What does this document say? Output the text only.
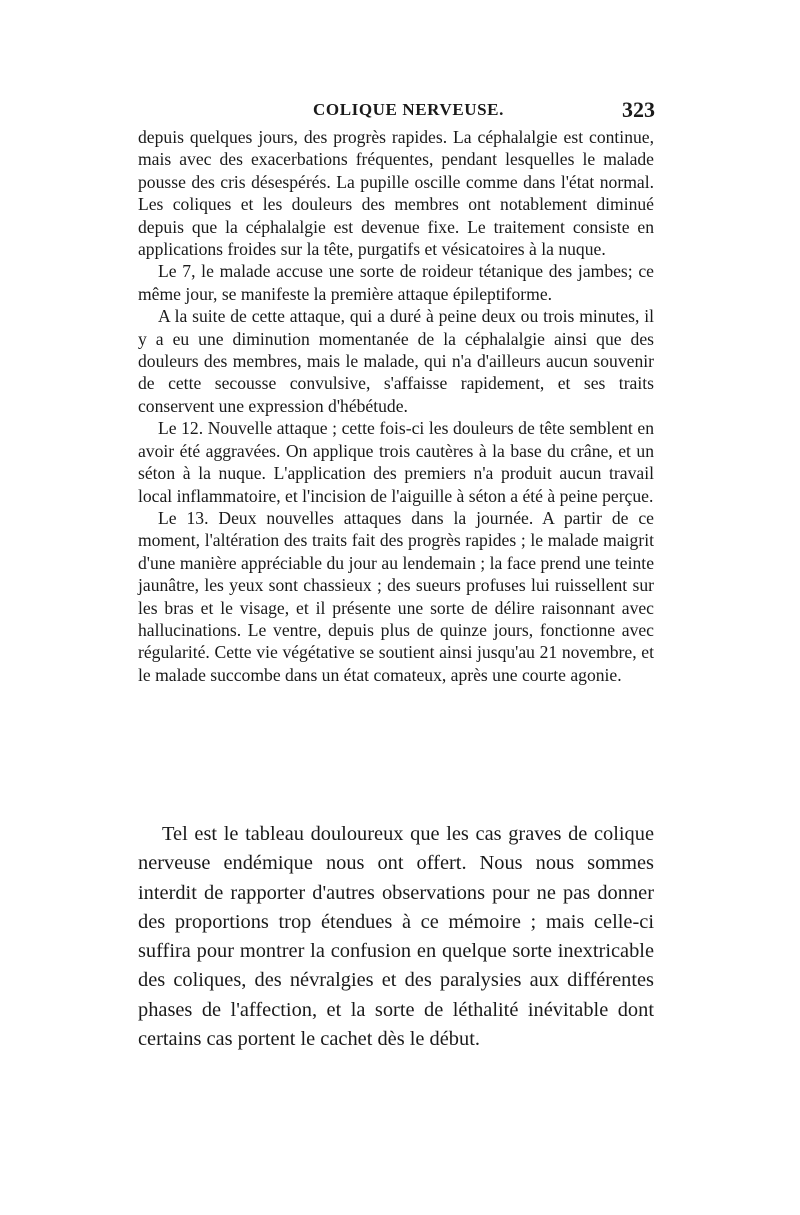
COLIQUE NERVEUSE.	323

depuis quelques jours, des progrès rapides. La céphalalgie est continue, mais avec des exacerbations fréquentes, pendant lesquelles le malade pousse des cris désespérés. La pupille oscille comme dans l'état normal. Les coliques et les douleurs des membres ont notablement diminué depuis que la céphalalgie est devenue fixe. Le traitement consiste en applications froides sur la tête, purgatifs et vésicatoires à la nuque.

Le 7, le malade accuse une sorte de roideur tétanique des jambes; ce même jour, se manifeste la première attaque épileptiforme.

A la suite de cette attaque, qui a duré à peine deux ou trois minutes, il y a eu une diminution momentanée de la céphalalgie ainsi que des douleurs des membres, mais le malade, qui n'a d'ailleurs aucun souvenir de cette secousse convulsive, s'affaisse rapidement, et ses traits conservent une expression d'hébétude.

Le 12. Nouvelle attaque ; cette fois-ci les douleurs de tête semblent en avoir été aggravées. On applique trois cautères à la base du crâne, et un séton à la nuque. L'application des premiers n'a produit aucun travail local inflammatoire, et l'incision de l'aiguille à séton a été à peine perçue.

Le 13. Deux nouvelles attaques dans la journée. A partir de ce moment, l'altération des traits fait des progrès rapides ; le malade maigrit d'une manière appréciable du jour au lendemain ; la face prend une teinte jaunâtre, les yeux sont chassieux ; des sueurs profuses lui ruissellent sur les bras et le visage, et il présente une sorte de délire raisonnant avec hallucinations. Le ventre, depuis plus de quinze jours, fonctionne avec régularité. Cette vie végétative se soutient ainsi jusqu'au 21 novembre, et le malade succombe dans un état comateux, après une courte agonie.

Tel est le tableau douloureux que les cas graves de colique nerveuse endémique nous ont offert. Nous nous sommes interdit de rapporter d'autres observations pour ne pas donner des proportions trop étendues à ce mémoire ; mais celle-ci suffira pour montrer la confusion en quelque sorte inextricable des coliques, des névralgies et des paralysies aux différentes phases de l'affection, et la sorte de léthalité inévitable dont certains cas portent le cachet dès le début.
